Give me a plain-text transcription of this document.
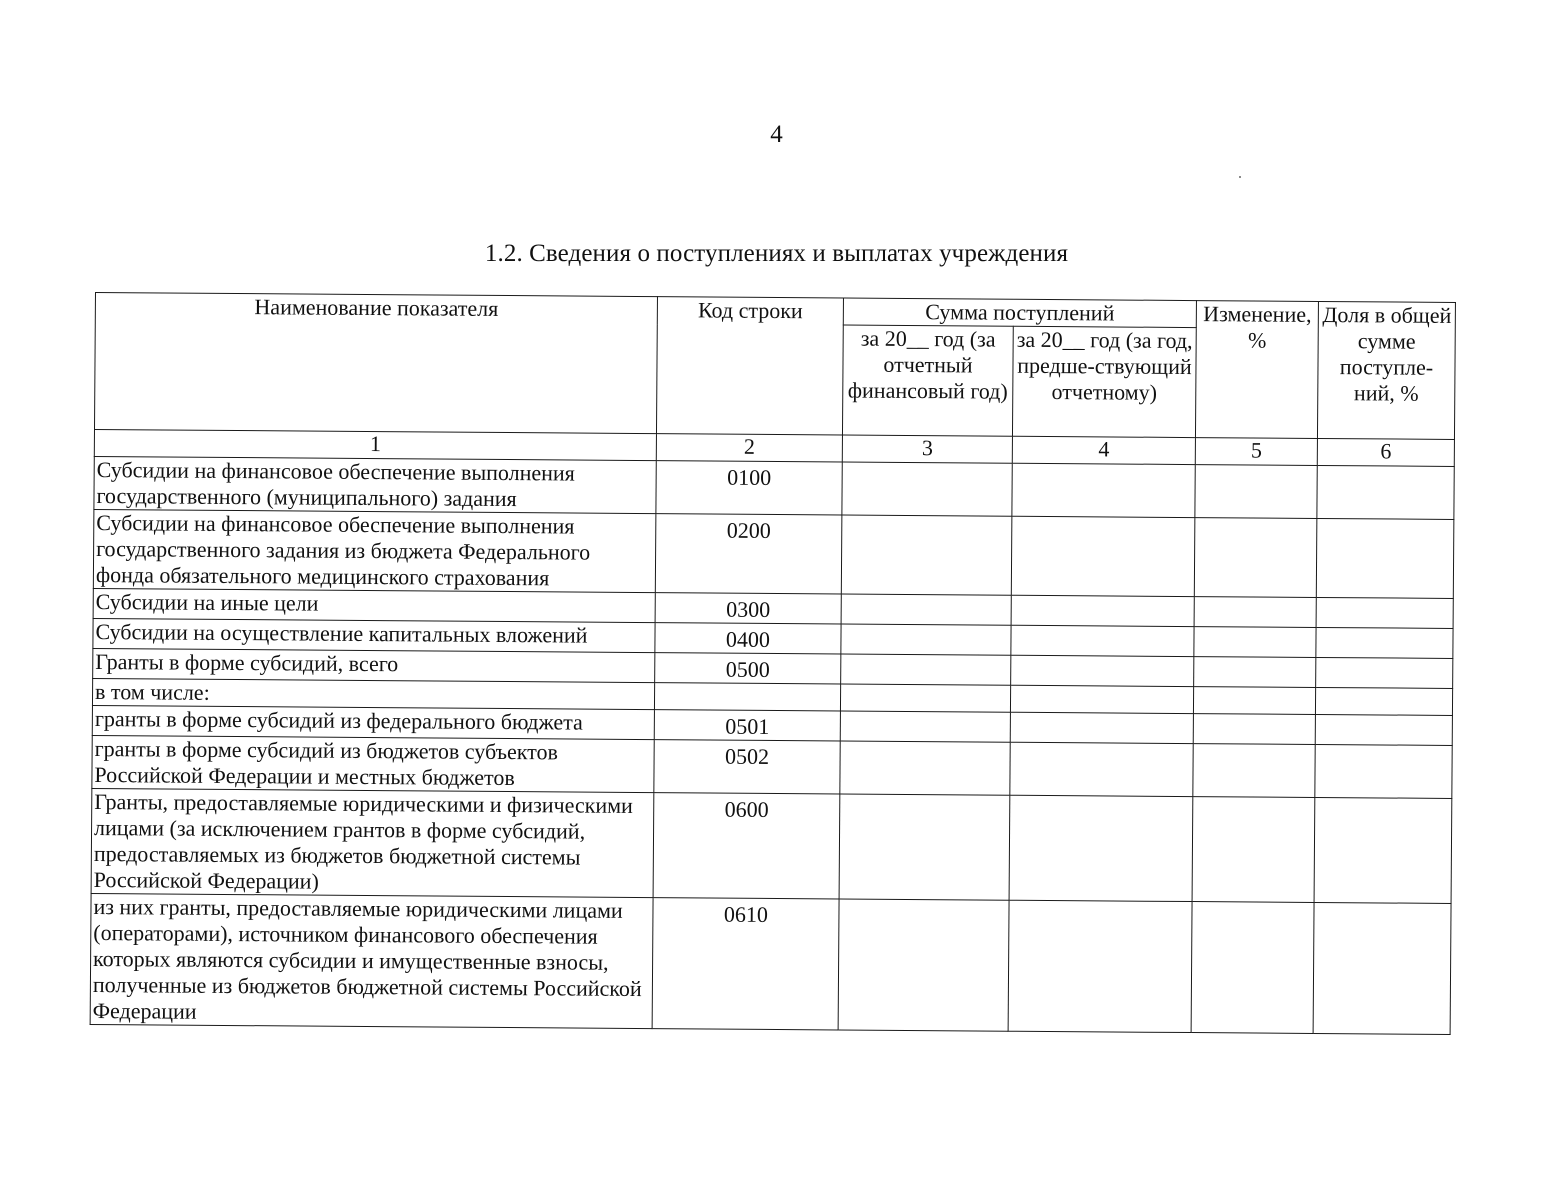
4
1.2. Сведения о поступлениях и выплатах учреждения
Наименование показателя	Код строки	Сумма поступлений		Изменение, %	Доля в общей сумме поступле-ний, %
		за 20__ год (за отчетный финансовый год)	за 20__ год (за год, предше-ствующий отчетному)		
1	2	3	4	5	6
Субсидии на финансовое обеспечение выполнения государственного (муниципального) задания	0100				
Субсидии на финансовое обеспечение выполнения государственного задания из бюджета Федерального фонда обязательного медицинского страхования	0200				
Субсидии на иные цели	0300				
Субсидии на осуществление капитальных вложений	0400				
Гранты в форме субсидий, всего	0500				
в том числе:					
гранты в форме субсидий из федерального бюджета	0501				
гранты в форме субсидий из бюджетов субъектов Российской Федерации и местных бюджетов	0502				
Гранты, предоставляемые юридическими и физическими лицами (за исключением грантов в форме субсидий, предоставляемых из бюджетов бюджетной системы Российской Федерации)	0600				
из них гранты, предоставляемые юридическими лицами (операторами), источником финансового обеспечения которых являются субсидии и имущественные взносы, полученные из бюджетов бюджетной системы Российской Федерации	0610				
